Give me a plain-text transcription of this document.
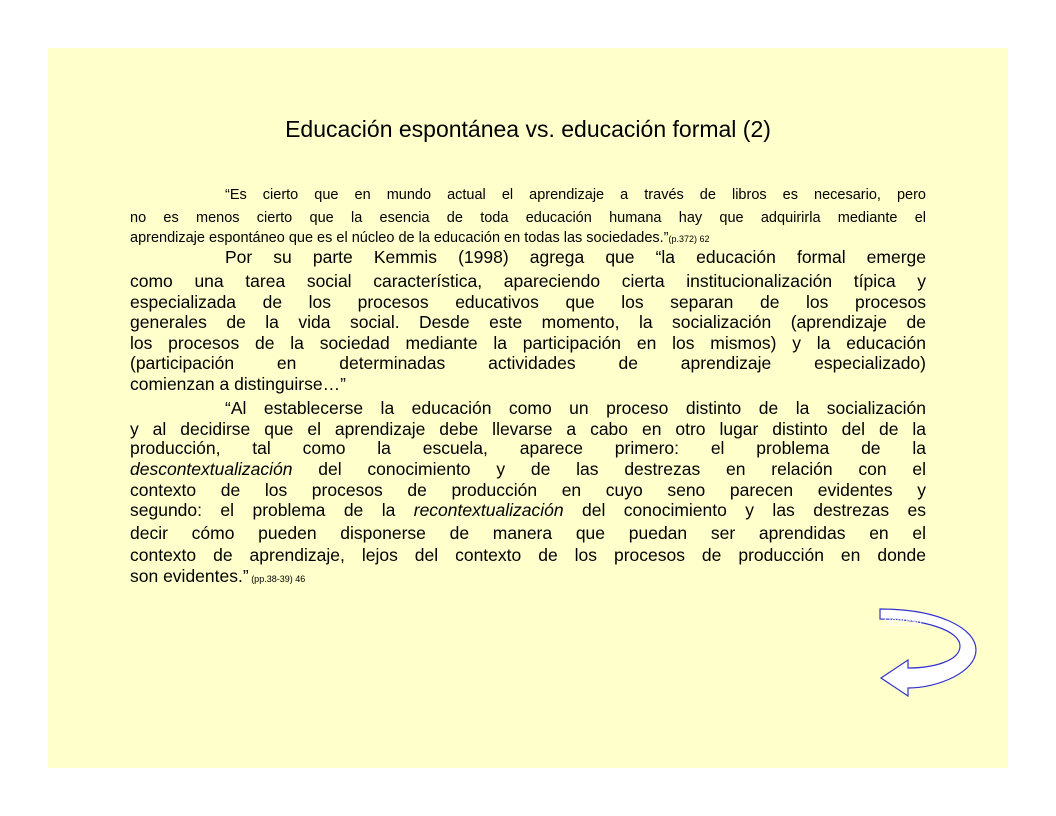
Educación espontánea vs. educación formal (2)
“Es cierto que en mundo actual el aprendizaje a través de libros es necesario, pero
no es menos cierto que la esencia de toda educación humana hay que adquirirla mediante el
aprendizaje espontáneo que es el núcleo de la educación en todas las sociedades.”(p.372) 62
Por su parte Kemmis (1998) agrega que “la educación formal emerge
como una tarea social característica, apareciendo cierta institucionalización típica y
especializada de los procesos educativos que los separan de los procesos
generales de la vida social. Desde este momento, la socialización (aprendizaje de
los procesos de la sociedad mediante la participación en los mismos) y la educación
(participación en determinadas actividades de aprendizaje especializado)
comienzan a distinguirse…”
“Al establecerse la educación como un proceso distinto de la socialización
y al decidirse que el aprendizaje debe llevarse a cabo en otro lugar distinto del de la
producción, tal como la escuela, aparece primero: el problema de la
descontextualización del conocimiento y de las destrezas en relación con el
contexto de los procesos de producción en cuyo seno parecen evidentes y
segundo: el problema de la recontextualización del conocimiento y las destrezas es
decir cómo pueden disponerse de manera que puedan ser aprendidas en el
contexto de aprendizaje, lejos del contexto de los procesos de producción en donde
son evidentes.” (pp.38-39) 46
Regreso
